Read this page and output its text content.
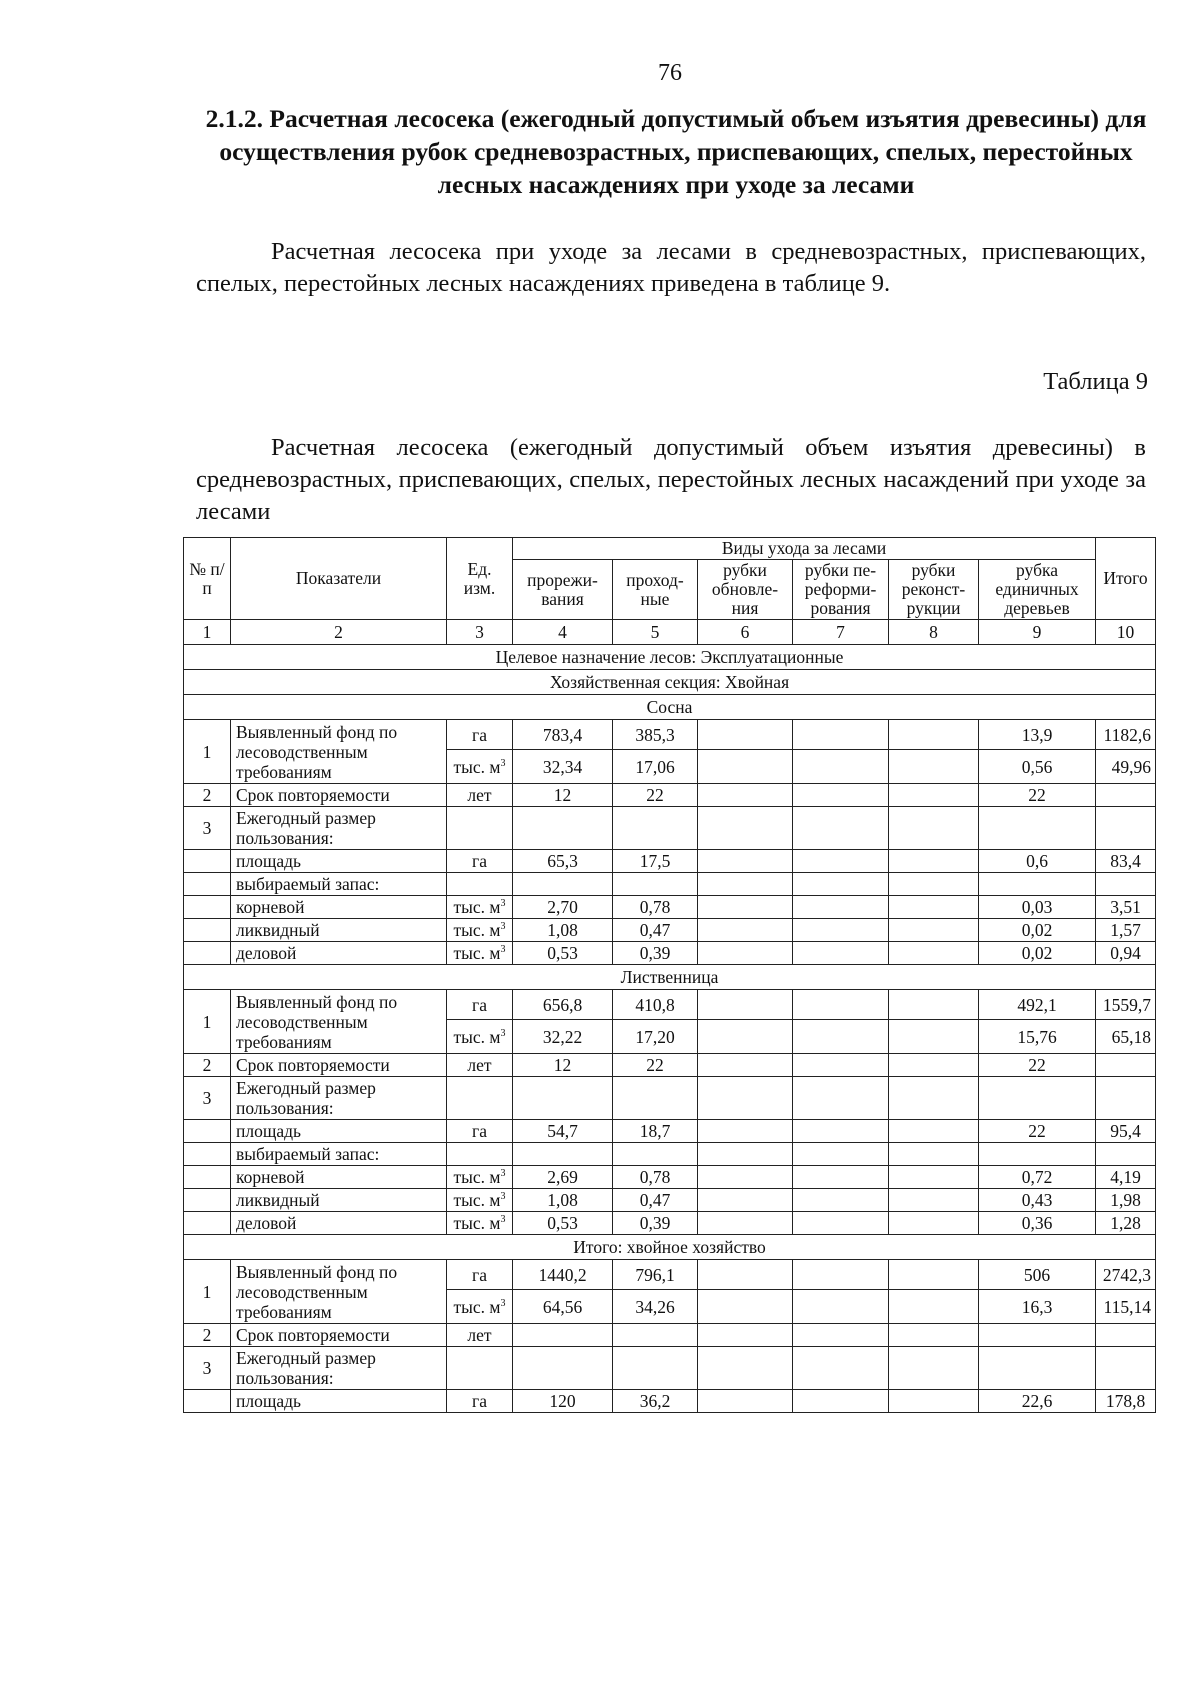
76
2.1.2. Расчетная лесосека (ежегодный допустимый объем изъятия древесины) для осуществления рубок средневозрастных, приспевающих, спелых, перестойных лесных насаждениях при уходе за лесами
Расчетная лесосека при уходе за лесами в средневозрастных, приспевающих, спелых, перестойных лесных насаждениях приведена в таблице 9.
Таблица 9
Расчетная лесосека (ежегодный допустимый объем изъятия древесины) в средневозрастных, приспевающих, спелых, перестойных лесных насаждений при уходе за лесами
№ п/п	Показатели	Ед. изм.	Виды ухода за лесами						Итого
			прорежи-вания	проход-ные	рубки обновле-ния	рубки пе-реформи-рования	рубки реконст-рукции	рубка единичных деревьев	
1	2	3	4	5	6	7	8	9	10
Целевое назначение лесов: Эксплуатационные									
Хозяйственная секция: Хвойная									
Сосна									
1	Выявленный фонд по лесоводственным требованиям	га	783,4	385,3				13,9	1182,6
		тыс. $м^3$	32,34	17,06				0,56	49,96
2	Срок повторяемости	лет	12	22				22	
3	Ежегодный размер пользования:								
	площадь	га	65,3	17,5				0,6	83,4
	выбираемый запас:								
	корневой	тыс. $м^3$	2,70	0,78				0,03	3,51
	ликвидный	тыс. $м^3$	1,08	0,47				0,02	1,57
	деловой	тыс. $м^3$	0,53	0,39				0,02	0,94
Лиственница									
1	Выявленный фонд по лесоводственным требованиям	га	656,8	410,8				492,1	1559,7
		тыс. $м^3$	32,22	17,20				15,76	65,18
2	Срок повторяемости	лет	12	22				22	
3	Ежегодный размер пользования:								
	площадь	га	54,7	18,7				22	95,4
	выбираемый запас:								
	корневой	тыс. $м^3$	2,69	0,78				0,72	4,19
	ликвидный	тыс. $м^3$	1,08	0,47				0,43	1,98
	деловой	тыс. $м^3$	0,53	0,39				0,36	1,28
Итого: хвойное хозяйство									
1	Выявленный фонд по лесоводственным требованиям	га	1440,2	796,1				506	2742,3
		тыс. $м^3$	64,56	34,26				16,3	115,14
2	Срок повторяемости	лет							
3	Ежегодный размер пользования:								
	площадь	га	120	36,2				22,6	178,8
